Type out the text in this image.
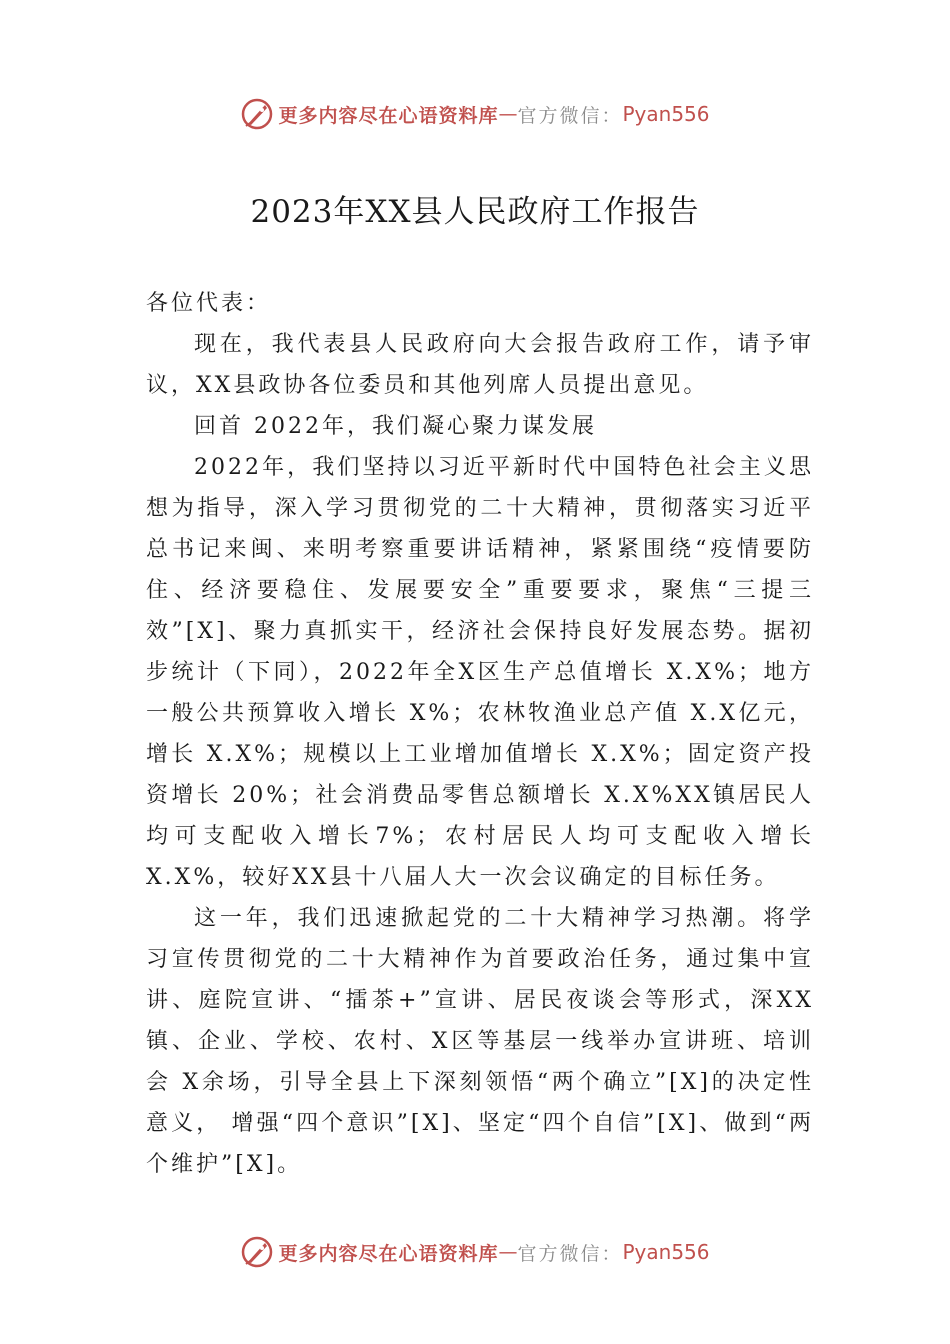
更多内容尽在心语资料库 — 官方微信： Pyan556
2023年XX县人民政府工作报告

各位代表：

现在，我代表县人民政府向大会报告政府工作，请予审议，XX县政协各位委员和其他列席人员提出意见。

回首 2022年，我们凝心聚力谋发展

2022年，我们坚持以习近平新时代中国特色社会主义思想为指导，深入学习贯彻党的二十大精神，贯彻落实习近平总书记来闽、来明考察重要讲话精神，紧紧围绕“疫情要防住、经济要稳住、发展要安全”重要要求，聚焦“三提三效”[X]、聚力真抓实干，经济社会保持良好发展态势。据初步统计（下同），2022年全X区生产总值增长 X.X%；地方一般公共预算收入增长 X%；农林牧渔业总产值 X.X亿元，增长 X.X%；规模以上工业增加值增长 X.X%；固定资产投资增长 20%；社会消费品零售总额增长 X.X%XX镇居民人均可支配收入增长7%；农村居民人均可支配收入增长 X.X%，较好XX县十八届人大一次会议确定的目标任务。

这一年，我们迅速掀起党的二十大精神学习热潮。将学习宣传贯彻党的二十大精神作为首要政治任务，通过集中宣讲、庭院宣讲、“擂茶+”宣讲、居民夜谈会等形式，深XX镇、企业、学校、农村、X区等基层一线举办宣讲班、培训会 X余场，引导全县上下深刻领悟“两个确立”[X]的决定性意义， 增强“四个意识”[X]、坚定“四个自信”[X]、做到“两个维护”[X]。

更多内容尽在心语资料库 — 官方微信： Pyan556
